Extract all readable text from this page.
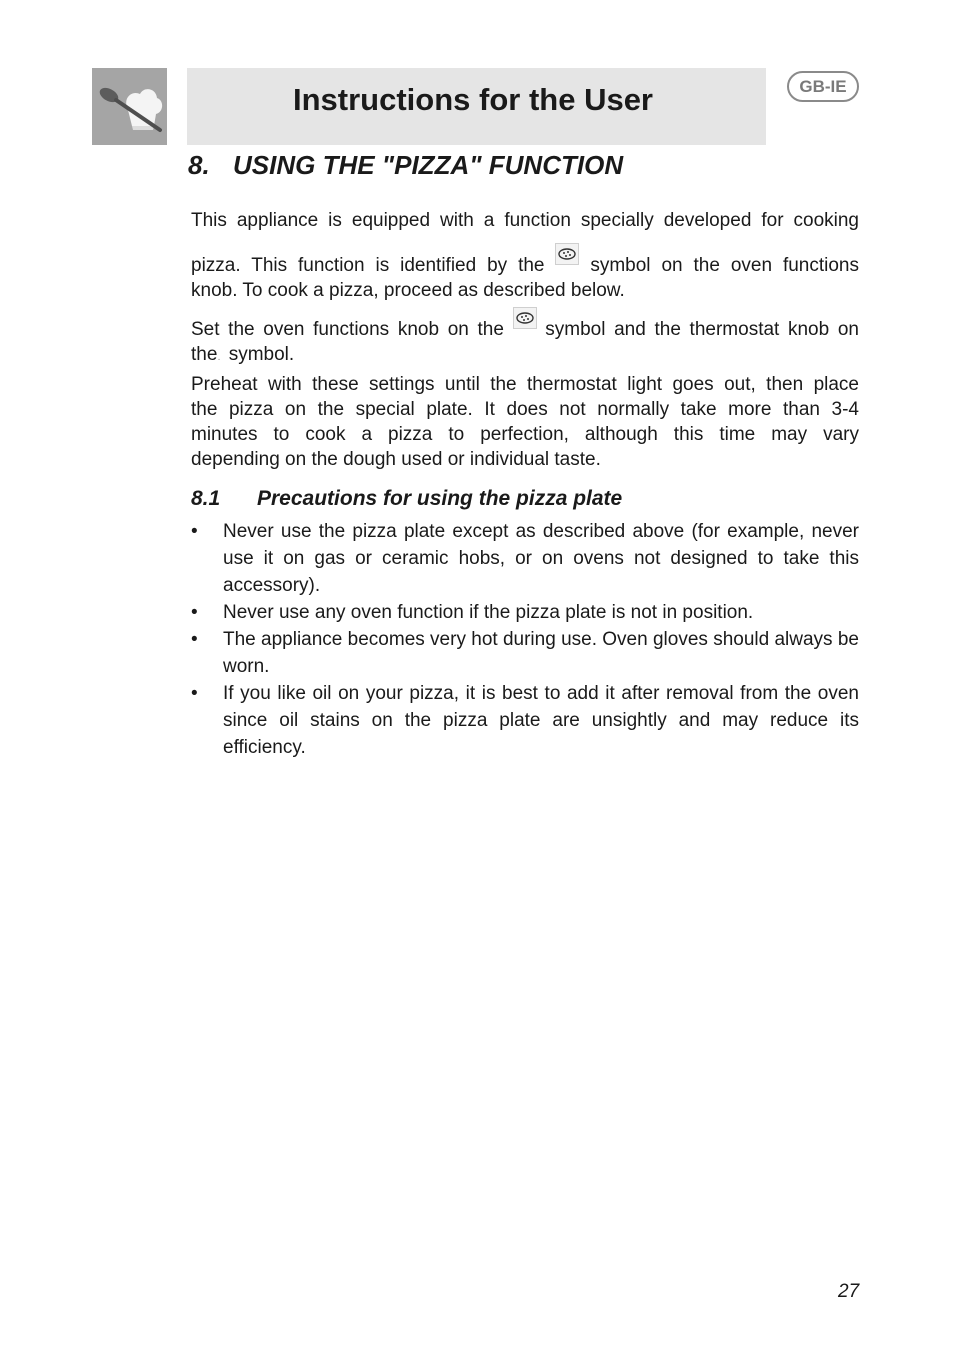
Instructions for the User	GB-IE
8. USING THE "PIZZA" FUNCTION
This appliance is equipped with a function specially developed for cooking
pizza. This function is identified by the symbol on the oven functions
knob. To cook a pizza, proceed as described below.
Set the oven functions knob on the symbol and the thermostat knob on
the· symbol.
Preheat with these settings until the thermostat light goes out, then place
the pizza on the special plate. It does not normally take more than 3-4
minutes to cook a pizza to perfection, although this time may vary
depending on the dough used or individual taste.
8.1 Precautions for using the pizza plate
• Never use the pizza plate except as described above (for example, never use it on gas or ceramic hobs, or on ovens not designed to take this accessory).
• Never use any oven function if the pizza plate is not in position.
• The appliance becomes very hot during use. Oven gloves should always be worn.
• If you like oil on your pizza, it is best to add it after removal from the oven since oil stains on the pizza plate are unsightly and may reduce its efficiency.
27
